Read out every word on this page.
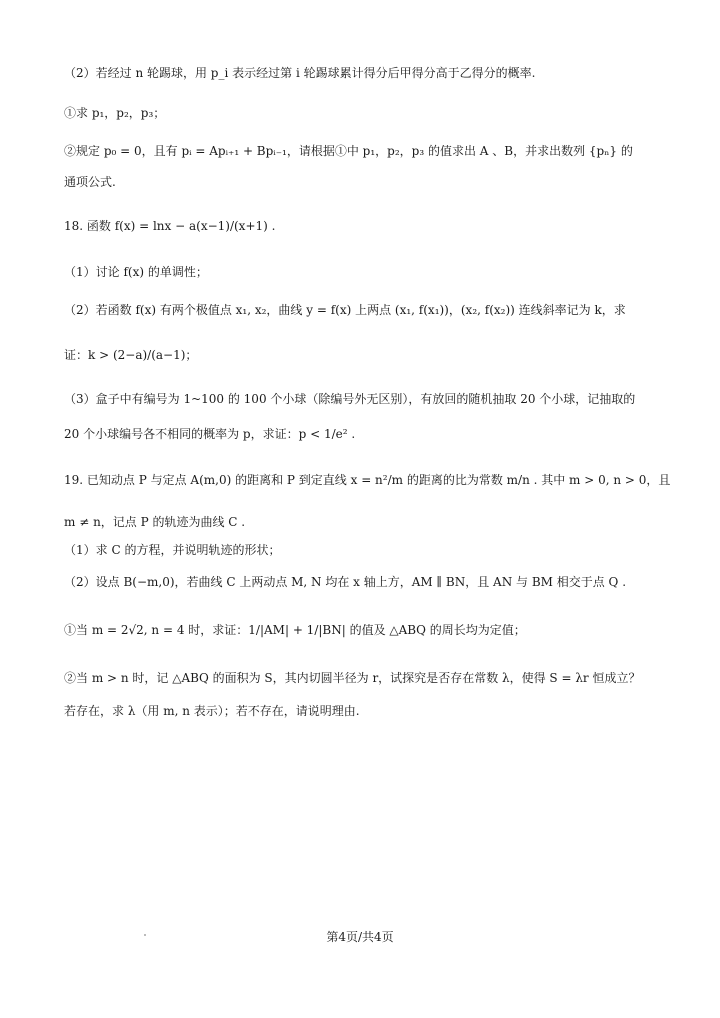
（2）若经过 n 轮踢球，用 p_i 表示经过第 i 轮踢球累计得分后甲得分高于乙得分的概率.
①求 p₁，p₂，p₃；
②规定 p₀ = 0，且有 pᵢ = Apᵢ₊₁ + Bpᵢ₋₁，请根据①中 p₁，p₂，p₃ 的值求出 A 、B，并求出数列 {pₙ} 的
通项公式.
18. 函数 f(x) = lnx − a(x−1)/(x+1) .
（1）讨论 f(x) 的单调性；
（2）若函数 f(x) 有两个极值点 x₁, x₂，曲线 y = f(x) 上两点 (x₁, f(x₁))，(x₂, f(x₂)) 连线斜率记为 k，求
证：k > (2−a)/(a−1)；
（3）盒子中有编号为 1~100 的 100 个小球（除编号外无区别），有放回的随机抽取 20 个小球，记抽取的
20 个小球编号各不相同的概率为 p，求证：p < 1/e² .
19. 已知动点 P 与定点 A(m,0) 的距离和 P 到定直线 x = n²/m 的距离的比为常数 m/n . 其中 m > 0, n > 0，且
m ≠ n，记点 P 的轨迹为曲线 C .
（1）求 C 的方程，并说明轨迹的形状；
（2）设点 B(−m,0)，若曲线 C 上两动点 M, N 均在 x 轴上方，AM ∥ BN，且 AN 与 BM 相交于点 Q .
①当 m = 2√2, n = 4 时，求证：1/|AM| + 1/|BN| 的值及 △ABQ 的周长均为定值；
②当 m > n 时，记 △ABQ 的面积为 S，其内切圆半径为 r，试探究是否存在常数 λ，使得 S = λr 恒成立？
若存在，求 λ（用 m, n 表示）；若不存在，请说明理由.
第4页/共4页
